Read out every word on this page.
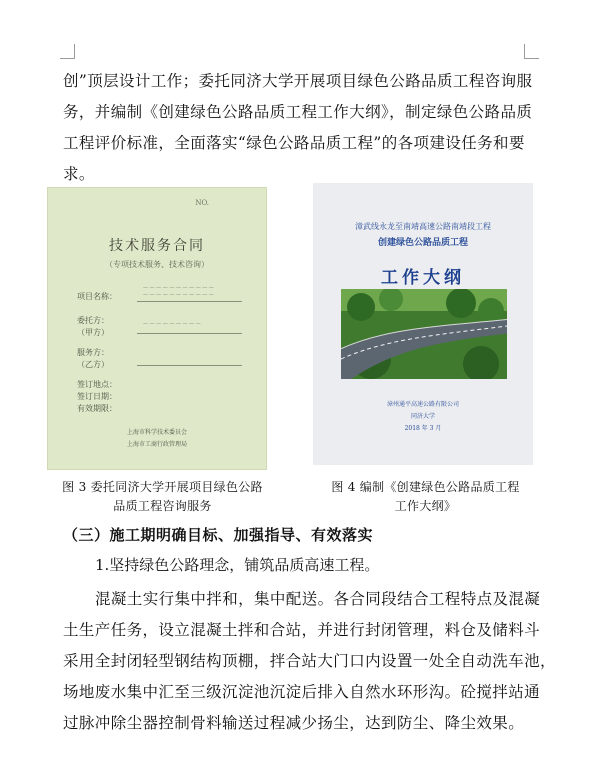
创”顶层设计工作；委托同济大学开展项目绿色公路品质工程咨询服
务，并编制《创建绿色公路品质工程工作大纲》，制定绿色公路品质
工程评价标准，全面落实“绿色公路品质工程”的各项建设任务和要
求。
NO.
技术服务合同
（专项技术服务、技术咨询）
项目名称：
— — — — — — — — — — —
— — — — — — — — — — —
委托方：
（甲方）
— — — — — — — — —
服务方：
（乙方）
签订地点：
签订日期：
有效期限：
上海市科学技术委员会
上海市工商行政管理局
漳武线永龙至南靖高速公路南靖段工程
创建绿色公路品质工程
工作大纲
漳州通平高速公路有限公司
同济大学
2018 年 3 月
图 3 委托同济大学开展项目绿色公路
品质工程咨询服务
图 4 编制《创建绿色公路品质工程
工作大纲》
（三）施工期明确目标、加强指导、有效落实
1.坚持绿色公路理念，铺筑品质高速工程。
混凝土实行集中拌和，集中配送。各合同段结合工程特点及混凝
土生产任务，设立混凝土拌和合站，并进行封闭管理，料仓及储料斗
采用全封闭轻型钢结构顶棚，拌合站大门口内设置一处全自动洗车池，
场地废水集中汇至三级沉淀池沉淀后排入自然水环形沟。砼搅拌站通
过脉冲除尘器控制骨料输送过程减少扬尘，达到防尘、降尘效果。
